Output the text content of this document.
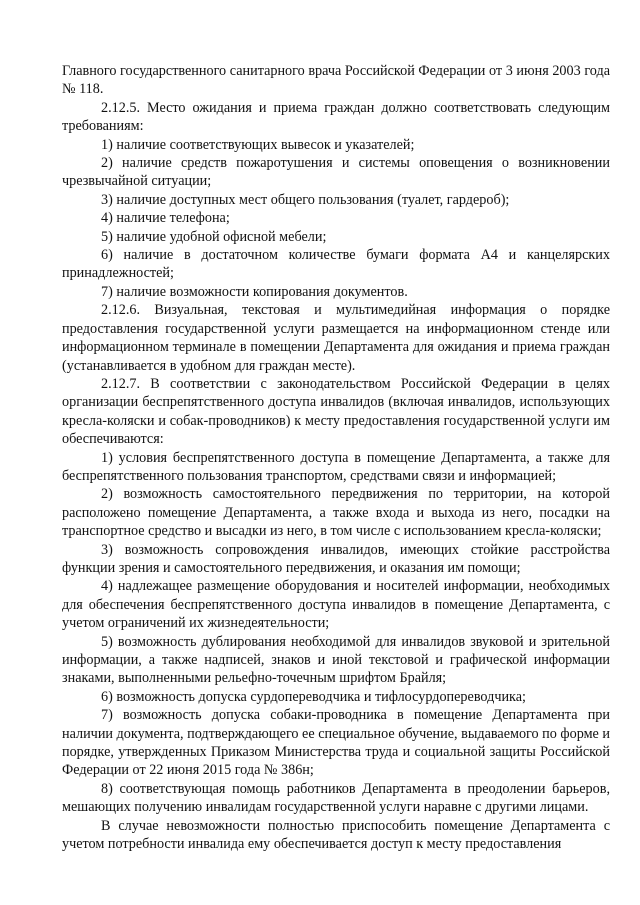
Главного государственного санитарного врача Российской Федерации от 3 июня 2003 года № 118.

2.12.5. Место ожидания и приема граждан должно соответствовать следующим требованиям:

1) наличие соответствующих вывесок и указателей;

2) наличие средств пожаротушения и системы оповещения о возникновении чрезвычайной ситуации;

3) наличие доступных мест общего пользования (туалет, гардероб);

4) наличие телефона;

5) наличие удобной офисной мебели;

6) наличие в достаточном количестве бумаги формата А4 и канцелярских принадлежностей;

7) наличие возможности копирования документов.

2.12.6. Визуальная, текстовая и мультимедийная информация о порядке предоставления государственной услуги размещается на информационном стенде или информационном терминале в помещении Департамента для ожидания и приема граждан (устанавливается в удобном для граждан месте).

2.12.7. В соответствии с законодательством Российской Федерации в целях организации беспрепятственного доступа инвалидов (включая инвалидов, использующих кресла-коляски и собак-проводников) к месту предоставления государственной услуги им обеспечиваются:

1) условия беспрепятственного доступа в помещение Департамента, а также для беспрепятственного пользования транспортом, средствами связи и информацией;

2) возможность самостоятельного передвижения по территории, на которой расположено помещение Департамента, а также входа и выхода из него, посадки на транспортное средство и высадки из него, в том числе с использованием кресла-коляски;

3) возможность сопровождения инвалидов, имеющих стойкие расстройства функции зрения и самостоятельного передвижения, и оказания им помощи;

4) надлежащее размещение оборудования и носителей информации, необходимых для обеспечения беспрепятственного доступа инвалидов в помещение Департамента, с учетом ограничений их жизнедеятельности;

5) возможность дублирования необходимой для инвалидов звуковой и зрительной информации, а также надписей, знаков и иной текстовой и графической информации знаками, выполненными рельефно-точечным шрифтом Брайля;

6) возможность допуска сурдопереводчика и тифлосурдопереводчика;

7) возможность допуска собаки-проводника в помещение Департамента при наличии документа, подтверждающего ее специальное обучение, выдаваемого по форме и порядке, утвержденных Приказом Министерства труда и социальной защиты Российской Федерации от 22 июня 2015 года № 386н;

8) соответствующая помощь работников Департамента в преодолении барьеров, мешающих получению инвалидам государственной услуги наравне с другими лицами.

В случае невозможности полностью приспособить помещение Департамента с учетом потребности инвалида ему обеспечивается доступ к месту предоставления
